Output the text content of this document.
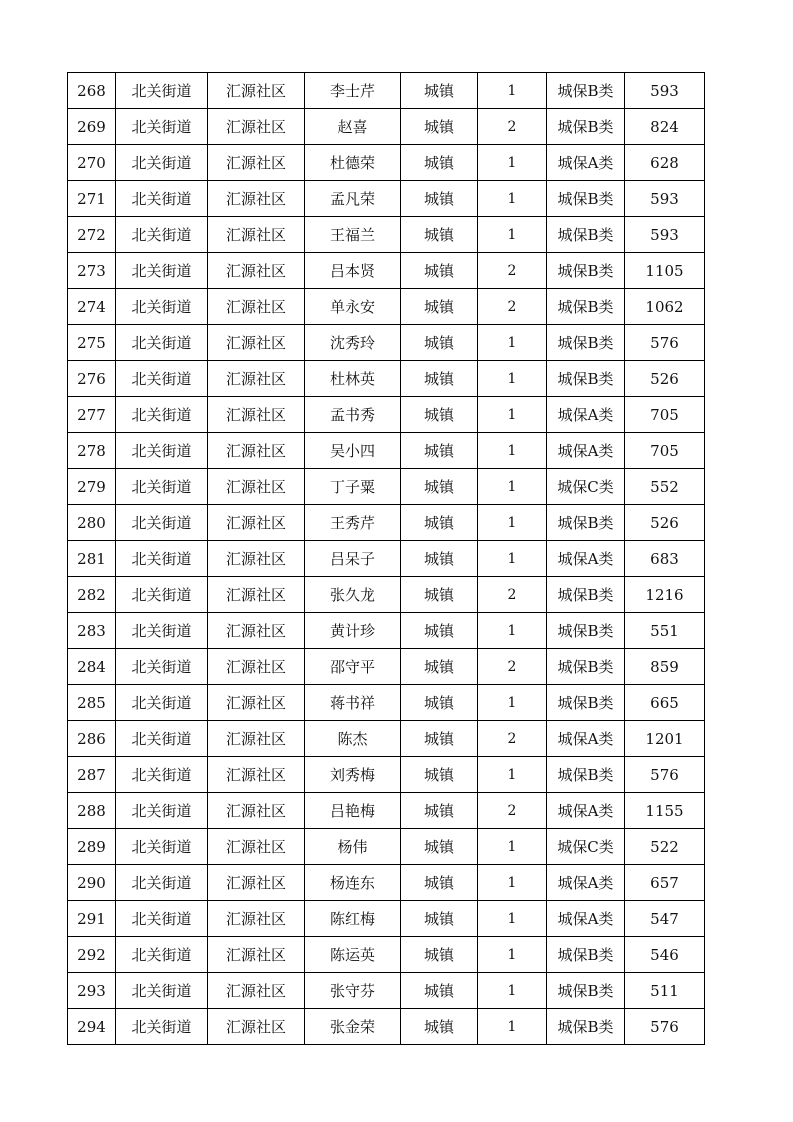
268	北关街道	汇源社区	李士芹	城镇	1	城保B类	593
269	北关街道	汇源社区	赵喜	城镇	2	城保B类	824
270	北关街道	汇源社区	杜德荣	城镇	1	城保A类	628
271	北关街道	汇源社区	孟凡荣	城镇	1	城保B类	593
272	北关街道	汇源社区	王福兰	城镇	1	城保B类	593
273	北关街道	汇源社区	吕本贤	城镇	2	城保B类	1105
274	北关街道	汇源社区	单永安	城镇	2	城保B类	1062
275	北关街道	汇源社区	沈秀玲	城镇	1	城保B类	576
276	北关街道	汇源社区	杜林英	城镇	1	城保B类	526
277	北关街道	汇源社区	孟书秀	城镇	1	城保A类	705
278	北关街道	汇源社区	吴小四	城镇	1	城保A类	705
279	北关街道	汇源社区	丁子粟	城镇	1	城保C类	552
280	北关街道	汇源社区	王秀芹	城镇	1	城保B类	526
281	北关街道	汇源社区	吕呆子	城镇	1	城保A类	683
282	北关街道	汇源社区	张久龙	城镇	2	城保B类	1216
283	北关街道	汇源社区	黄计珍	城镇	1	城保B类	551
284	北关街道	汇源社区	邵守平	城镇	2	城保B类	859
285	北关街道	汇源社区	蒋书祥	城镇	1	城保B类	665
286	北关街道	汇源社区	陈杰	城镇	2	城保A类	1201
287	北关街道	汇源社区	刘秀梅	城镇	1	城保B类	576
288	北关街道	汇源社区	吕艳梅	城镇	2	城保A类	1155
289	北关街道	汇源社区	杨伟	城镇	1	城保C类	522
290	北关街道	汇源社区	杨连东	城镇	1	城保A类	657
291	北关街道	汇源社区	陈红梅	城镇	1	城保A类	547
292	北关街道	汇源社区	陈运英	城镇	1	城保B类	546
293	北关街道	汇源社区	张守芬	城镇	1	城保B类	511
294	北关街道	汇源社区	张金荣	城镇	1	城保B类	576
